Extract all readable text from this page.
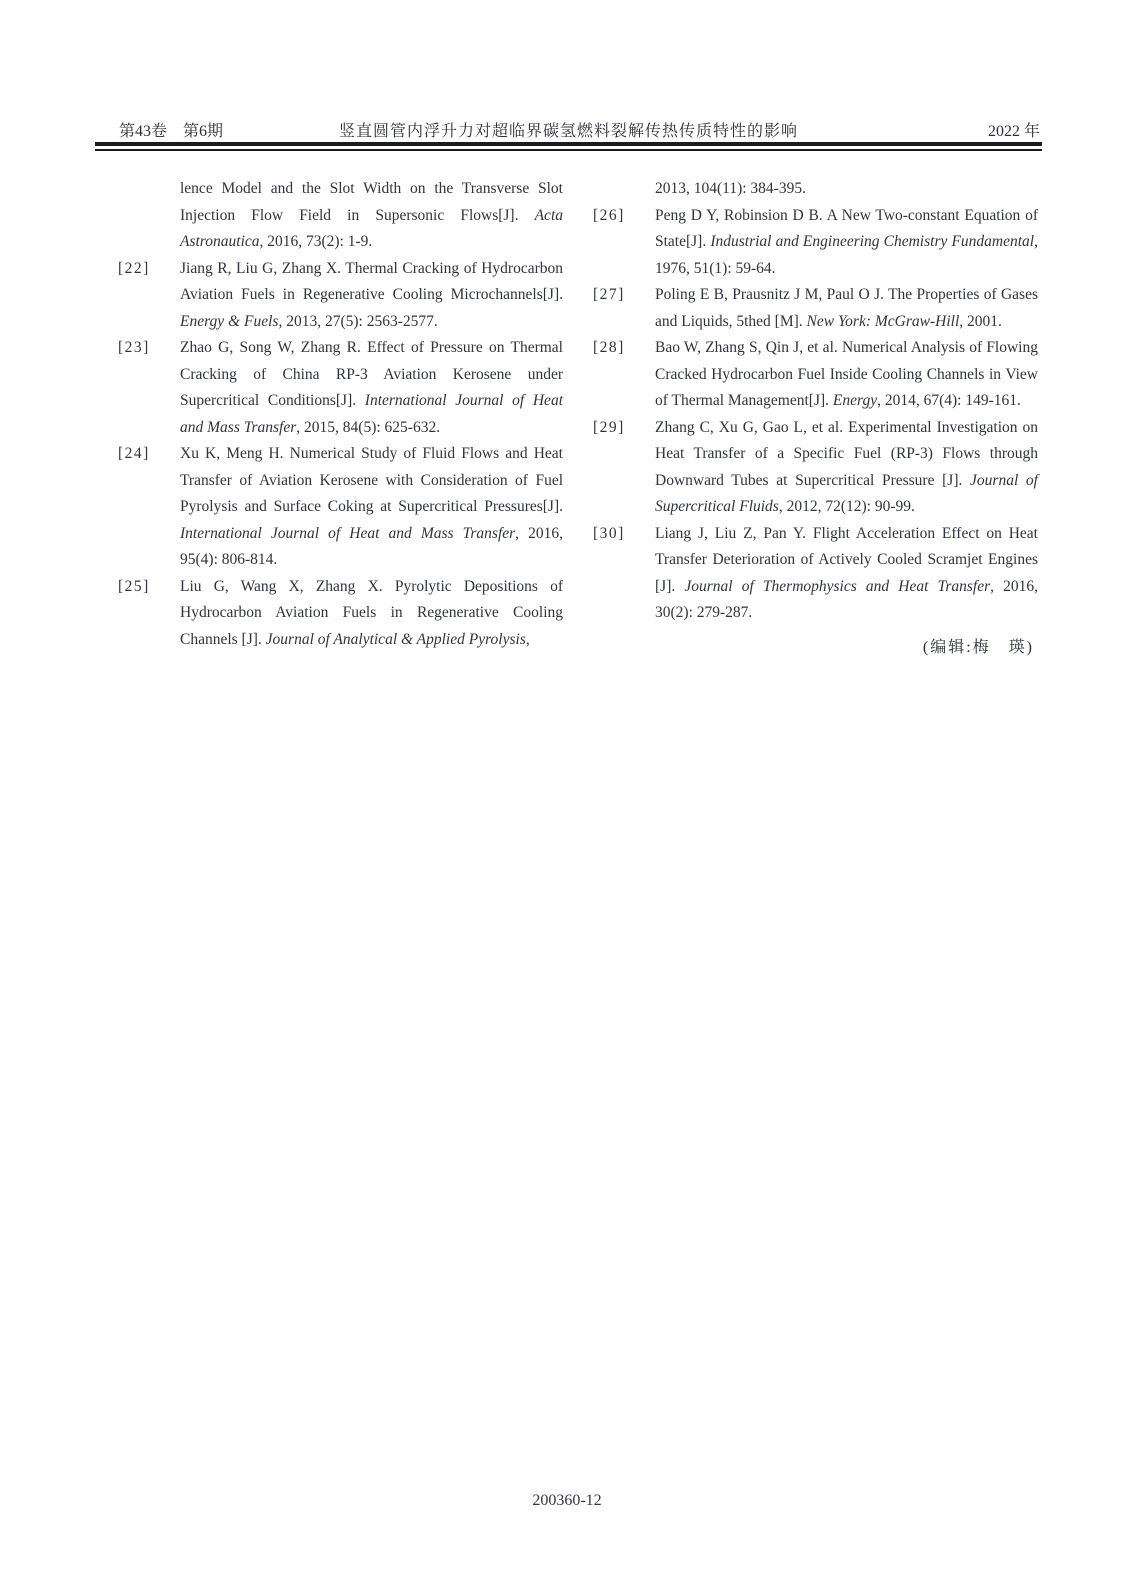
第43卷　第6期	竖直圆管内浮升力对超临界碳氢燃料裂解传热传质特性的影响	2022 年
lence Model and the Slot Width on the Transverse Slot Injection Flow Field in Supersonic Flows[J]. Acta Astronautica, 2016, 73(2): 1-9.
[22]	Jiang R, Liu G, Zhang X. Thermal Cracking of Hydrocarbon Aviation Fuels in Regenerative Cooling Microchannels[J]. Energy & Fuels, 2013, 27(5): 2563-2577.
[23]	Zhao G, Song W, Zhang R. Effect of Pressure on Thermal Cracking of China RP-3 Aviation Kerosene under Supercritical Conditions[J]. International Journal of Heat and Mass Transfer, 2015, 84(5): 625-632.
[24]	Xu K, Meng H. Numerical Study of Fluid Flows and Heat Transfer of Aviation Kerosene with Consideration of Fuel Pyrolysis and Surface Coking at Supercritical Pressures[J]. International Journal of Heat and Mass Transfer, 2016, 95(4): 806-814.
[25]	Liu G, Wang X, Zhang X. Pyrolytic Depositions of Hydrocarbon Aviation Fuels in Regenerative Cooling Channels [J]. Journal of Analytical & Applied Pyrolysis,
2013, 104(11): 384-395.
[26]	Peng D Y, Robinsion D B. A New Two-constant Equation of State[J]. Industrial and Engineering Chemistry Fundamental, 1976, 51(1): 59-64.
[27]	Poling E B, Prausnitz J M, Paul O J. The Properties of Gases and Liquids, 5thed [M]. New York: McGraw-Hill, 2001.
[28]	Bao W, Zhang S, Qin J, et al. Numerical Analysis of Flowing Cracked Hydrocarbon Fuel Inside Cooling Channels in View of Thermal Management[J]. Energy, 2014, 67(4): 149-161.
[29]	Zhang C, Xu G, Gao L, et al. Experimental Investigation on Heat Transfer of a Specific Fuel (RP-3) Flows through Downward Tubes at Supercritical Pressure [J]. Journal of Supercritical Fluids, 2012, 72(12): 90-99.
[30]	Liang J, Liu Z, Pan Y. Flight Acceleration Effect on Heat Transfer Deterioration of Actively Cooled Scramjet Engines [J]. Journal of Thermophysics and Heat Transfer, 2016, 30(2): 279-287.
(编辑:梅　瑛)
200360-12
